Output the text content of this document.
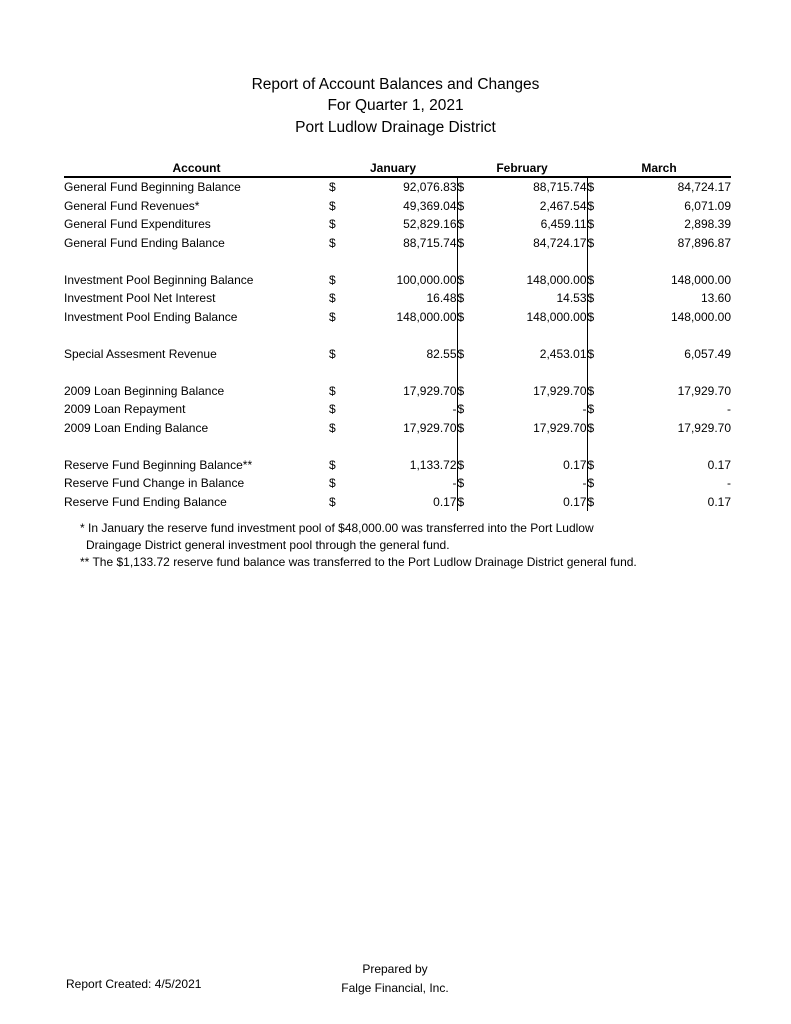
Report of Account Balances and Changes
For Quarter 1, 2021
Port Ludlow Drainage District
Account	January		February		March	
General Fund Beginning Balance	$	92,076.83	$	88,715.74	$	84,724.17
General Fund Revenues*	$	49,369.04	$	2,467.54	$	6,071.09
General Fund Expenditures	$	52,829.16	$	6,459.11	$	2,898.39
General Fund Ending Balance	$	88,715.74	$	84,724.17	$	87,896.87

Investment Pool Beginning Balance	$	100,000.00	$	148,000.00	$	148,000.00
Investment Pool Net Interest	$	16.48	$	14.53	$	13.60
Investment Pool Ending Balance	$	148,000.00	$	148,000.00	$	148,000.00

Special Assesment Revenue	$	82.55	$	2,453.01	$	6,057.49

2009 Loan Beginning Balance	$	17,929.70	$	17,929.70	$	17,929.70
2009 Loan Repayment	$	-	$	-	$	-
2009 Loan Ending Balance	$	17,929.70	$	17,929.70	$	17,929.70

Reserve Fund Beginning Balance**	$	1,133.72	$	0.17	$	0.17
Reserve Fund Change in Balance	$	-	$	-	$	-
Reserve Fund Ending Balance	$	0.17	$	0.17	$	0.17
* In January the reserve fund investment pool of $48,000.00 was transferred into the Port Ludlow
Draingage District general investment pool through the general fund.
** The $1,133.72 reserve fund balance was transferred to the Port Ludlow Drainage District general fund.
Report Created: 4/5/2021
Prepared by
Falge Financial, Inc.
